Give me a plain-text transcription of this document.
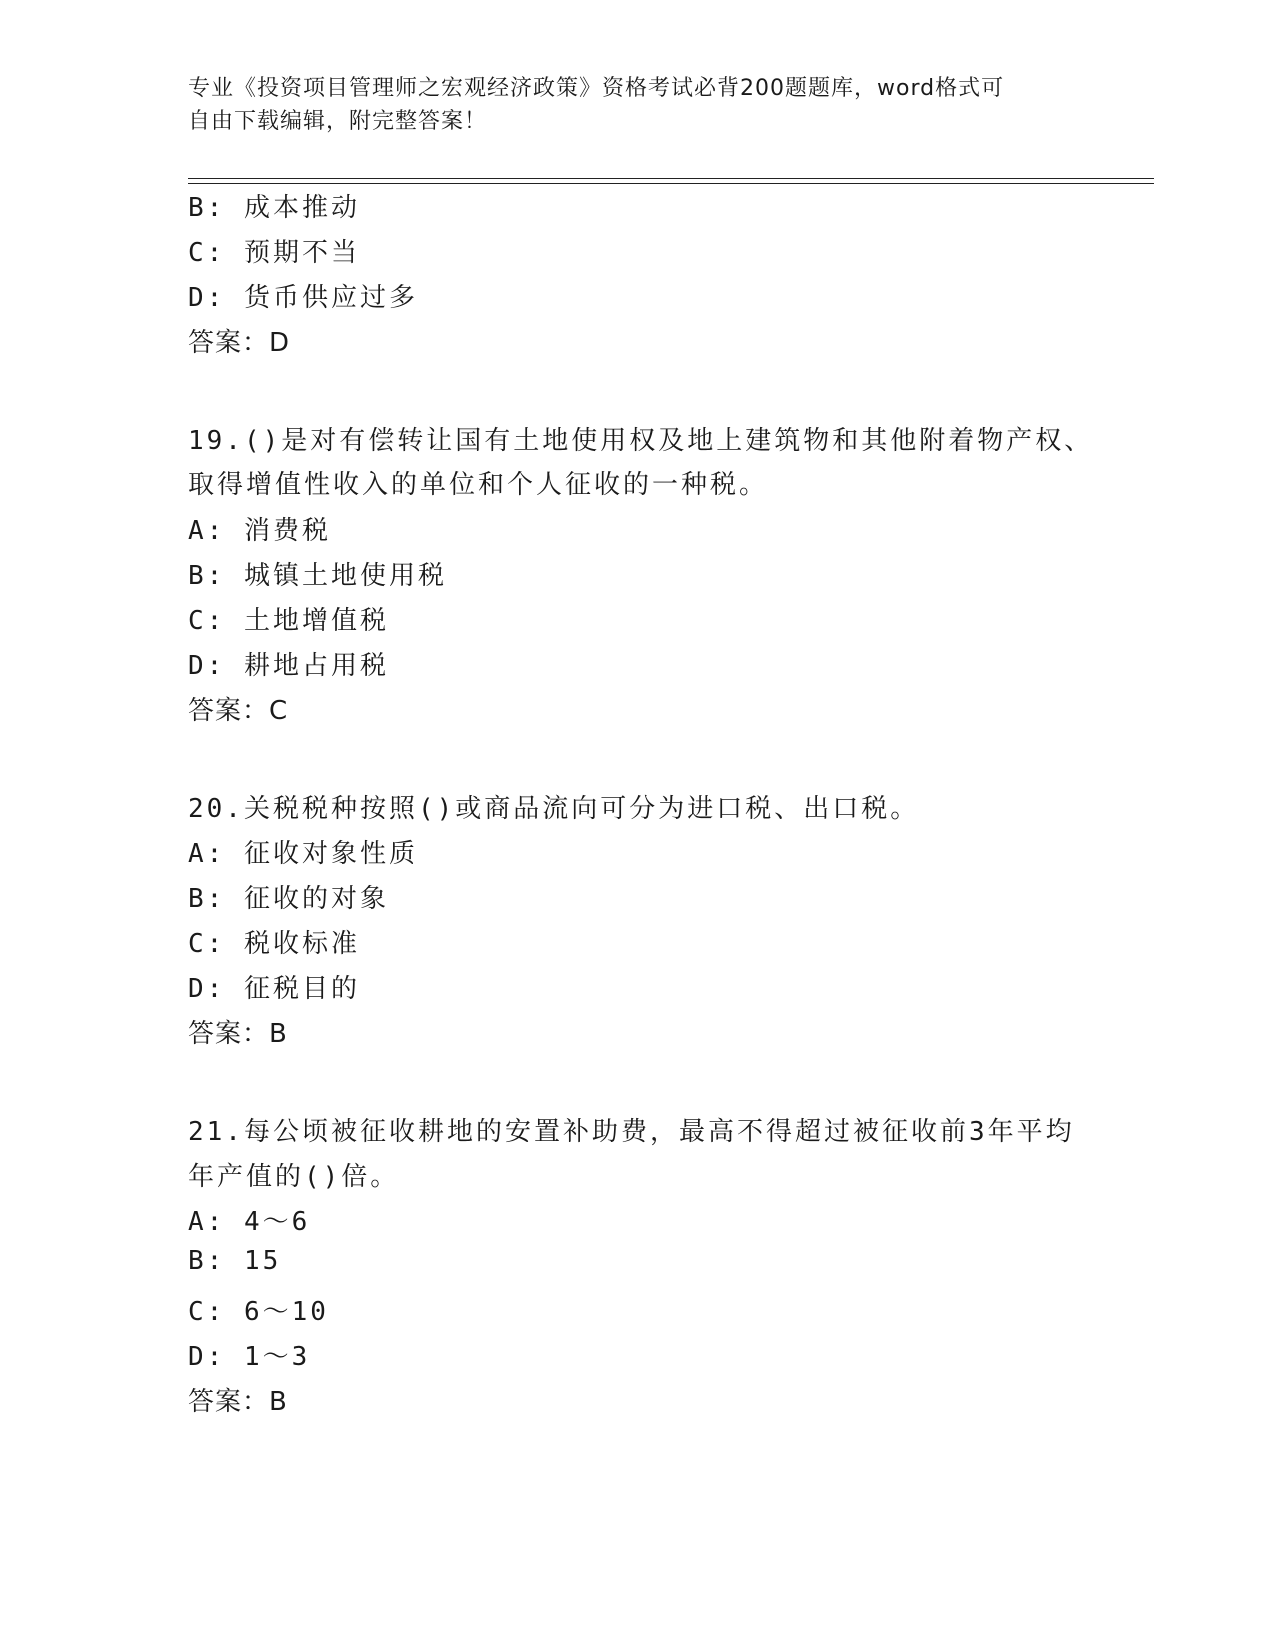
专业《投资项目管理师之宏观经济政策》资格考试必背200题题库，word格式可
自由下载编辑，附完整答案！
B: 成本推动
C: 预期不当
D: 货币供应过多
答案：D
19.()是对有偿转让国有土地使用权及地上建筑物和其他附着物产权、
取得增值性收入的单位和个人征收的一种税。
A: 消费税
B: 城镇土地使用税
C: 土地增值税
D: 耕地占用税
答案：C
20.关税税种按照()或商品流向可分为进口税、出口税。
A: 征收对象性质
B: 征收的对象
C: 税收标准
D: 征税目的
答案：B
21.每公顷被征收耕地的安置补助费，最高不得超过被征收前3年平均
年产值的()倍。
A: 4～6
B: 15
C: 6～10
D: 1～3
答案：B
